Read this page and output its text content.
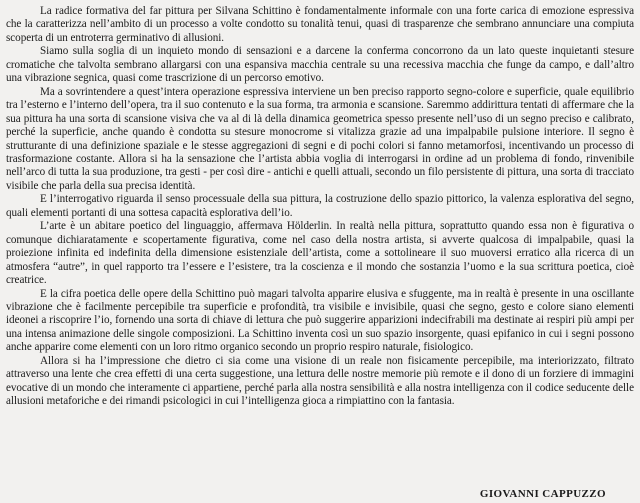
La radice formativa del far pittura per Silvana Schittino è fondamentalmente informale con una forte carica di emozione espressiva che la caratterizza nell’ambito di un processo a volte condotto su tonalità tenui, quasi di trasparenze che sembrano annunciare una compiuta scoperta di un entroterra germinativo di allusioni.

Siamo sulla soglia di un inquieto mondo di sensazioni e a darcene la conferma concorrono da un lato queste inquietanti stesure cromatiche che talvolta sembrano allargarsi con una espansiva macchia centrale su una recessiva macchia che funge da campo, e dall’altro una vibrazione segnica, quasi come trascrizione di un percorso emotivo.

Ma a sovrintendere a quest’intera operazione espressiva interviene un ben preciso rapporto segno-colore e superficie, quale equilibrio tra l’esterno e l’interno dell’opera, tra il suo contenuto e la sua forma, tra armonia e scansione. Saremmo addirittura tentati di affermare che la sua pittura ha una sorta di scansione visiva che va al di là della dinamica geometrica spesso presente nell’uso di un segno preciso e calibrato, perché la superficie, anche quando è condotta su stesure monocrome si vitalizza grazie ad una impalpabile pulsione interiore. Il segno è strutturante di una definizione spaziale e le stesse aggregazioni di segni e di pochi colori si fanno metamorfosi, incentivando un processo di trasformazione costante. Allora si ha la sensazione che l’artista abbia voglia di interrogarsi in ordine ad un problema di fondo, rinvenibile nell’arco di tutta la sua produzione, tra gesti - per così dire - antichi e quelli attuali, secondo un filo persistente di pittura, una sorta di tracciato visibile che parla della sua precisa identità.

E l’interrogativo riguarda il senso processuale della sua pittura, la costruzione dello spazio pittorico, la valenza esplorativa del segno, quali elementi portanti di una sottesa capacità esplorativa dell’io.

L’arte è un abitare poetico del linguaggio, affermava Hölderlin. In realtà nella pittura, soprattutto quando essa non è figurativa o comunque dichiaratamente e scopertamente figurativa, come nel caso della nostra artista, si avverte qualcosa di impalpabile, quasi la proiezione infinita ed indefinita della dimensione esistenziale dell’artista, come a sottolineare il suo muoversi erratico alla ricerca di un atmosfera “autre”, in quel rapporto tra l’essere e l’esistere, tra la coscienza e il mondo che sostanzia l’uomo e la sua scrittura poetica, cioè creatrice.

E la cifra poetica delle opere della Schittino può magari talvolta apparire elusiva e sfuggente, ma in realtà è presente in una oscillante vibrazione che è facilmente percepibile tra superficie e profondità, tra visibile e invisibile, quasi che segno, gesto e colore siano elementi ideonei a riscoprire l’io, fornendo una sorta di chiave di lettura che può suggerire apparizioni indecifrabili ma destinate ai respiri più ampi per una intensa animazione delle singole composizioni. La Schittino inventa così un suo spazio insorgente, quasi epifanico in cui i segni possono anche apparire come elementi con un loro ritmo organico secondo un proprio respiro naturale, fisiologico.

Allora si ha l’impressione che dietro ci sia come una visione di un reale non fisicamente percepibile, ma interiorizzato, filtrato attraverso una lente che crea effetti di una certa suggestione, una lettura delle nostre memorie più remote e il dono di un forziere di immagini evocative di un mondo che interamente ci appartiene, perché parla alla nostra sensibilità e alla nostra intelligenza con il codice seducente delle allusioni metaforiche e dei rimandi psicologici in cui l’intelligenza gioca a rimpiattino con la fantasia.

GIOVANNI CAPPUZZO
